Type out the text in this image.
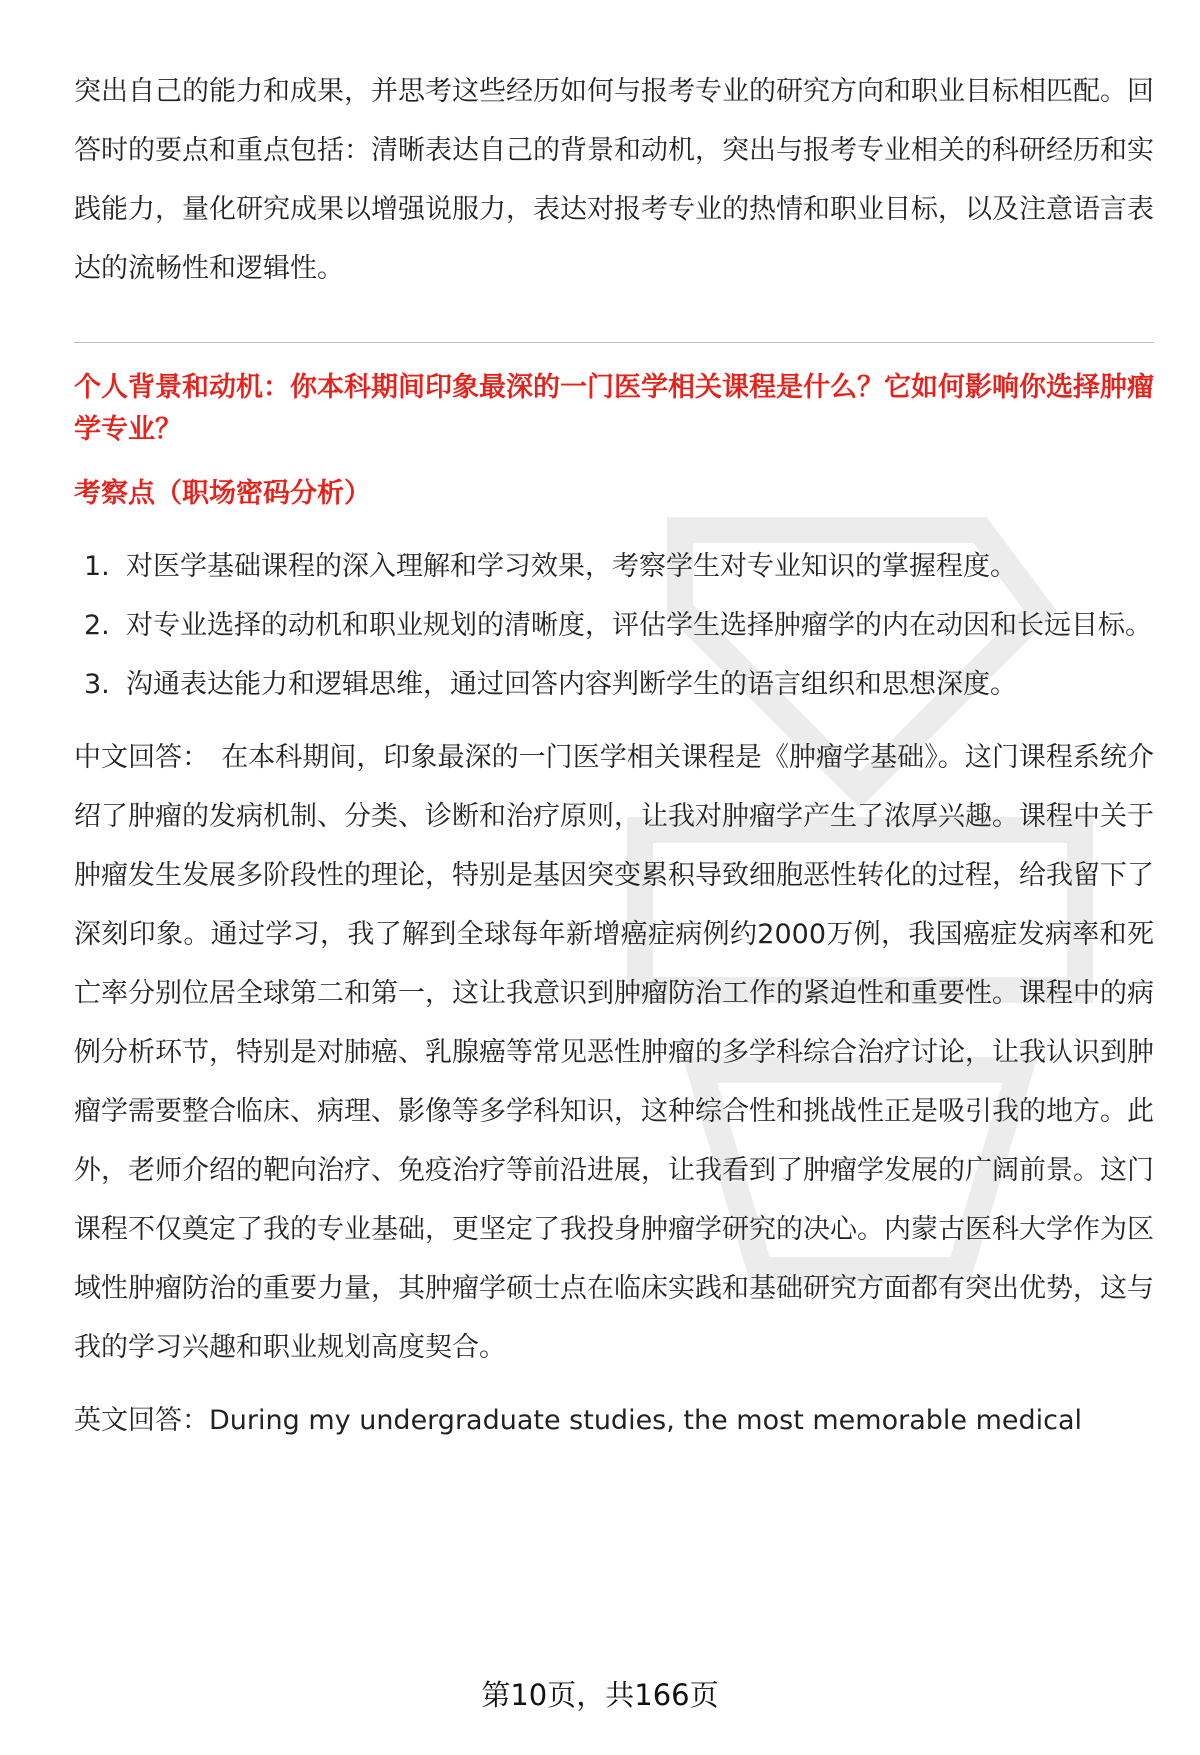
突出自己的能力和成果，并思考这些经历如何与报考专业的研究方向和职业目标相匹配。回答时的要点和重点包括：清晰表达自己的背景和动机，突出与报考专业相关的科研经历和实践能力，量化研究成果以增强说服力，表达对报考专业的热情和职业目标，以及注意语言表达的流畅性和逻辑性。

个人背景和动机：你本科期间印象最深的一门医学相关课程是什么？它如何影响你选择肿瘤学专业？

考察点（职场密码分析）

1. 对医学基础课程的深入理解和学习效果，考察学生对专业知识的掌握程度。
2. 对专业选择的动机和职业规划的清晰度，评估学生选择肿瘤学的内在动因和长远目标。
3. 沟通表达能力和逻辑思维，通过回答内容判断学生的语言组织和思想深度。

中文回答： 在本科期间，印象最深的一门医学相关课程是《肿瘤学基础》。这门课程系统介绍了肿瘤的发病机制、分类、诊断和治疗原则，让我对肿瘤学产生了浓厚兴趣。课程中关于肿瘤发生发展多阶段性的理论，特别是基因突变累积导致细胞恶性转化的过程，给我留下了深刻印象。通过学习，我了解到全球每年新增癌症病例约2000万例，我国癌症发病率和死亡率分别位居全球第二和第一，这让我意识到肿瘤防治工作的紧迫性和重要性。课程中的病例分析环节，特别是对肺癌、乳腺癌等常见恶性肿瘤的多学科综合治疗讨论，让我认识到肿瘤学需要整合临床、病理、影像等多学科知识，这种综合性和挑战性正是吸引我的地方。此外，老师介绍的靶向治疗、免疫治疗等前沿进展，让我看到了肿瘤学发展的广阔前景。这门课程不仅奠定了我的专业基础，更坚定了我投身肿瘤学研究的决心。内蒙古医科大学作为区域性肿瘤防治的重要力量，其肿瘤学硕士点在临床实践和基础研究方面都有突出优势，这与我的学习兴趣和职业规划高度契合。

英文回答：During my undergraduate studies, the most memorable medical

第10页，共166页
